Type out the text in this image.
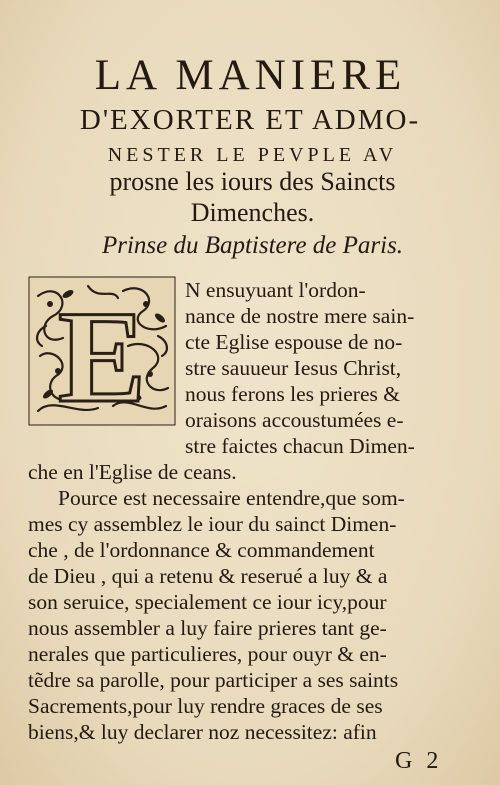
LA MANIERE
D'EXORTER ET ADMO-
NESTER LE PEVPLE AV
prosne les iours des Saincts
Dimenches.
Prinse du Baptistere de Paris.
E N ensuyuant l'ordon-
nance de nostre mere sain-
cte Eglise espouse de no-
stre sauueur Iesus Christ,
nous ferons les prieres &
oraisons accoustumées e-
stre faictes chacun Dimen-
che en l'Eglise de ceans.
Pource est necessaire entendre,que som-
mes cy assemblez le iour du sainct Dimen-
che , de l'ordonnance & commandement
de Dieu , qui a retenu & reserué a luy & a
son seruice, specialement ce iour icy,pour
nous assembler a luy faire prieres tant ge-
nerales que particulieres, pour ouyr & en-
tẽdre sa parolle, pour participer a ses saints
Sacrements,pour luy rendre graces de ses
biens,& luy declarer noz necessitez: afin
G 2
